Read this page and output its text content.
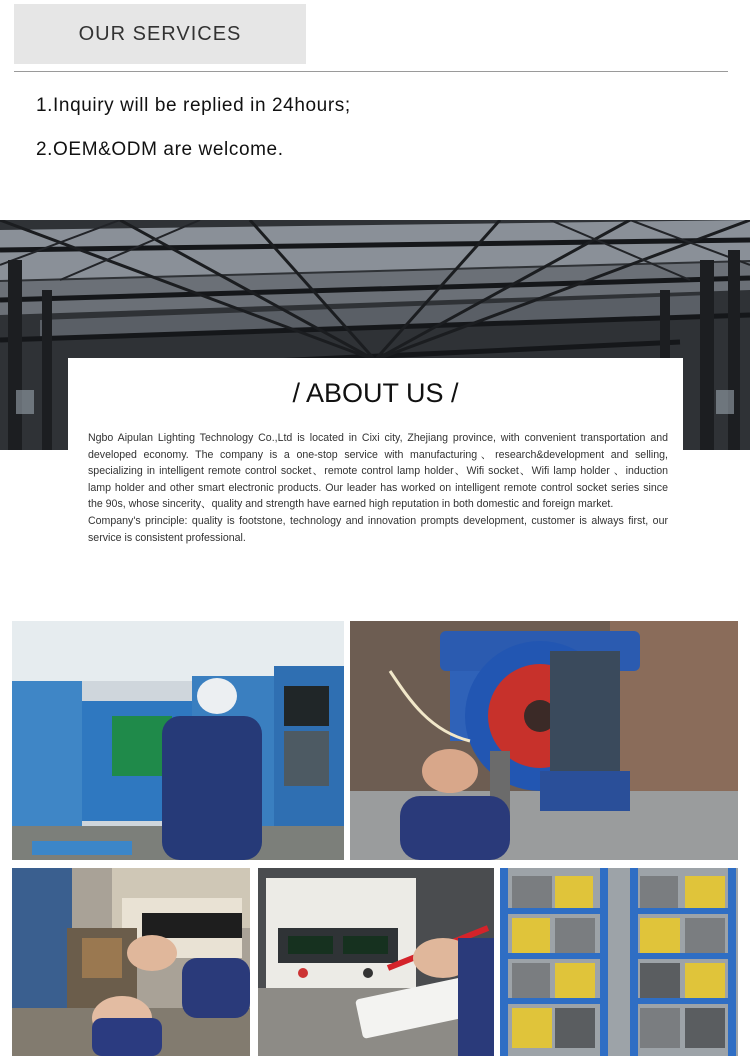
OUR SERVICES
1.Inquiry will be replied in 24hours;
2.OEM&ODM are welcome.
/ ABOUT US /

Ngbo Aipulan Lighting Technology Co.,Ltd is located in Cixi city, Zhejiang province, with convenient transportation and developed economy. The company is a one-stop service with manufacturing、research&development and selling, specializing in intelligent remote control socket、remote control lamp holder、Wifi socket、Wifi lamp holder 、induction lamp holder and other smart electronic products. Our leader has worked on intelligent remote control socket series since the 90s, whose sincerity、quality and strength have earned high reputation in both domestic and foreign market.

Company's principle: quality is footstone, technology and innovation prompts development, customer is always first, our service is consistent professional.
